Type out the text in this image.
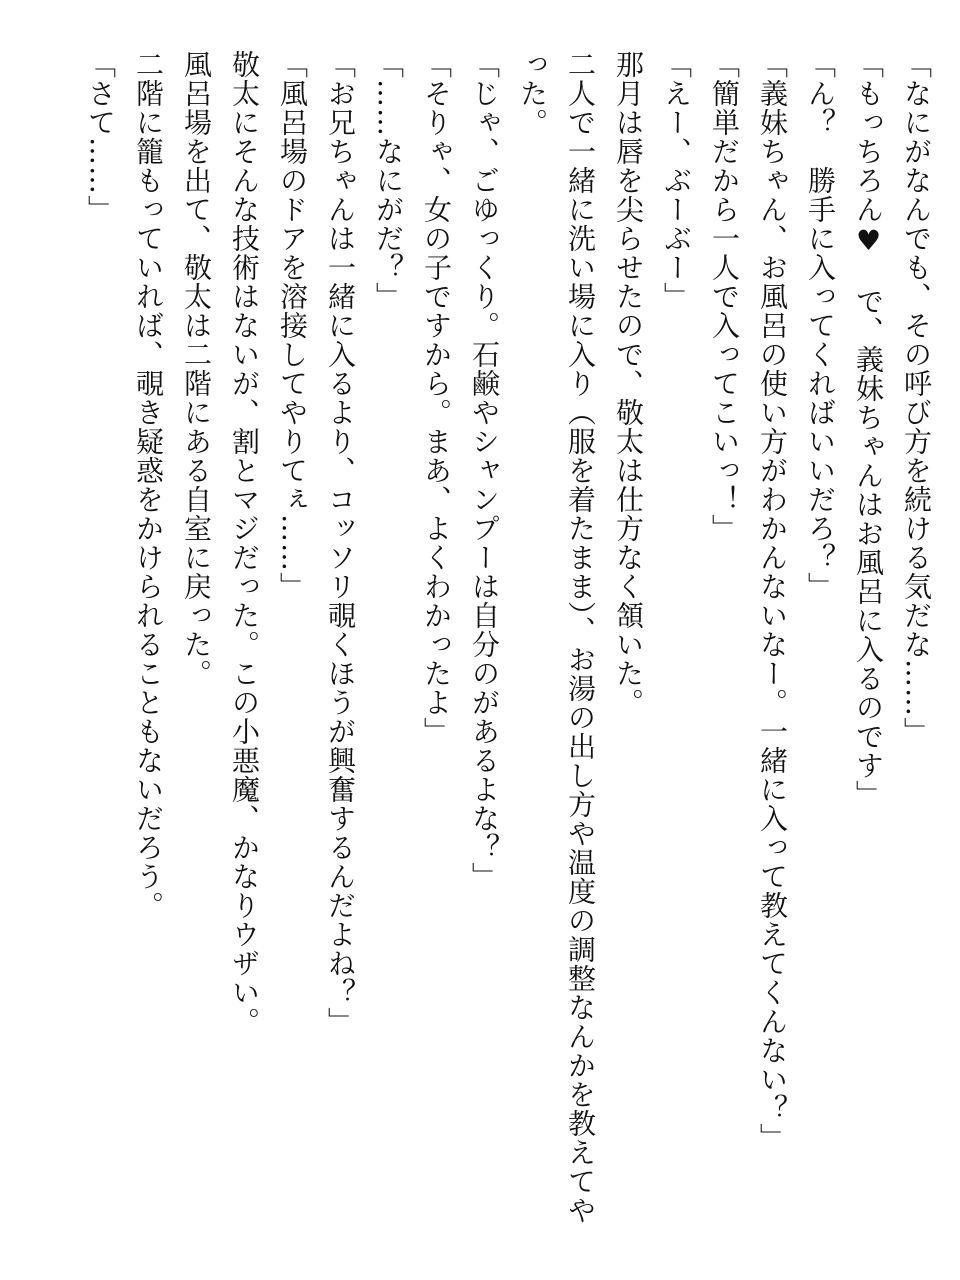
「なにがなんでも、その呼び方を続ける気だな……」

「もっちろん♥　で、義妹ちゃんはお風呂に入るのです」

「ん？　勝手に入ってくればいいだろ？」

「義妹ちゃん、お風呂の使い方がわかんないなー。一緒に入って教えてくんない？」

「簡単だから一人で入ってこいっ！」

「えー、ぶーぶー」

那月は唇を尖らせたので、敬太は仕方なく頷いた。

二人で一緒に洗い場に入り（服を着たまま）、お湯の出し方や温度の調整なんかを教えてやった。

「じゃ、ごゆっくり。石鹸やシャンプーは自分のがあるよな？」

「そりゃ、女の子ですから。まあ、よくわかったよ」

「……なにがだ？」

「お兄ちゃんは一緒に入るより、コッソリ覗くほうが興奮するんだよね？」

「風呂場のドアを溶接してやりてぇ……」

敬太にそんな技術はないが、割とマジだった。この小悪魔、かなりウザい。

風呂場を出て、敬太は二階にある自室に戻った。

二階に籠もっていれば、覗き疑惑をかけられることもないだろう。

「さて……」
